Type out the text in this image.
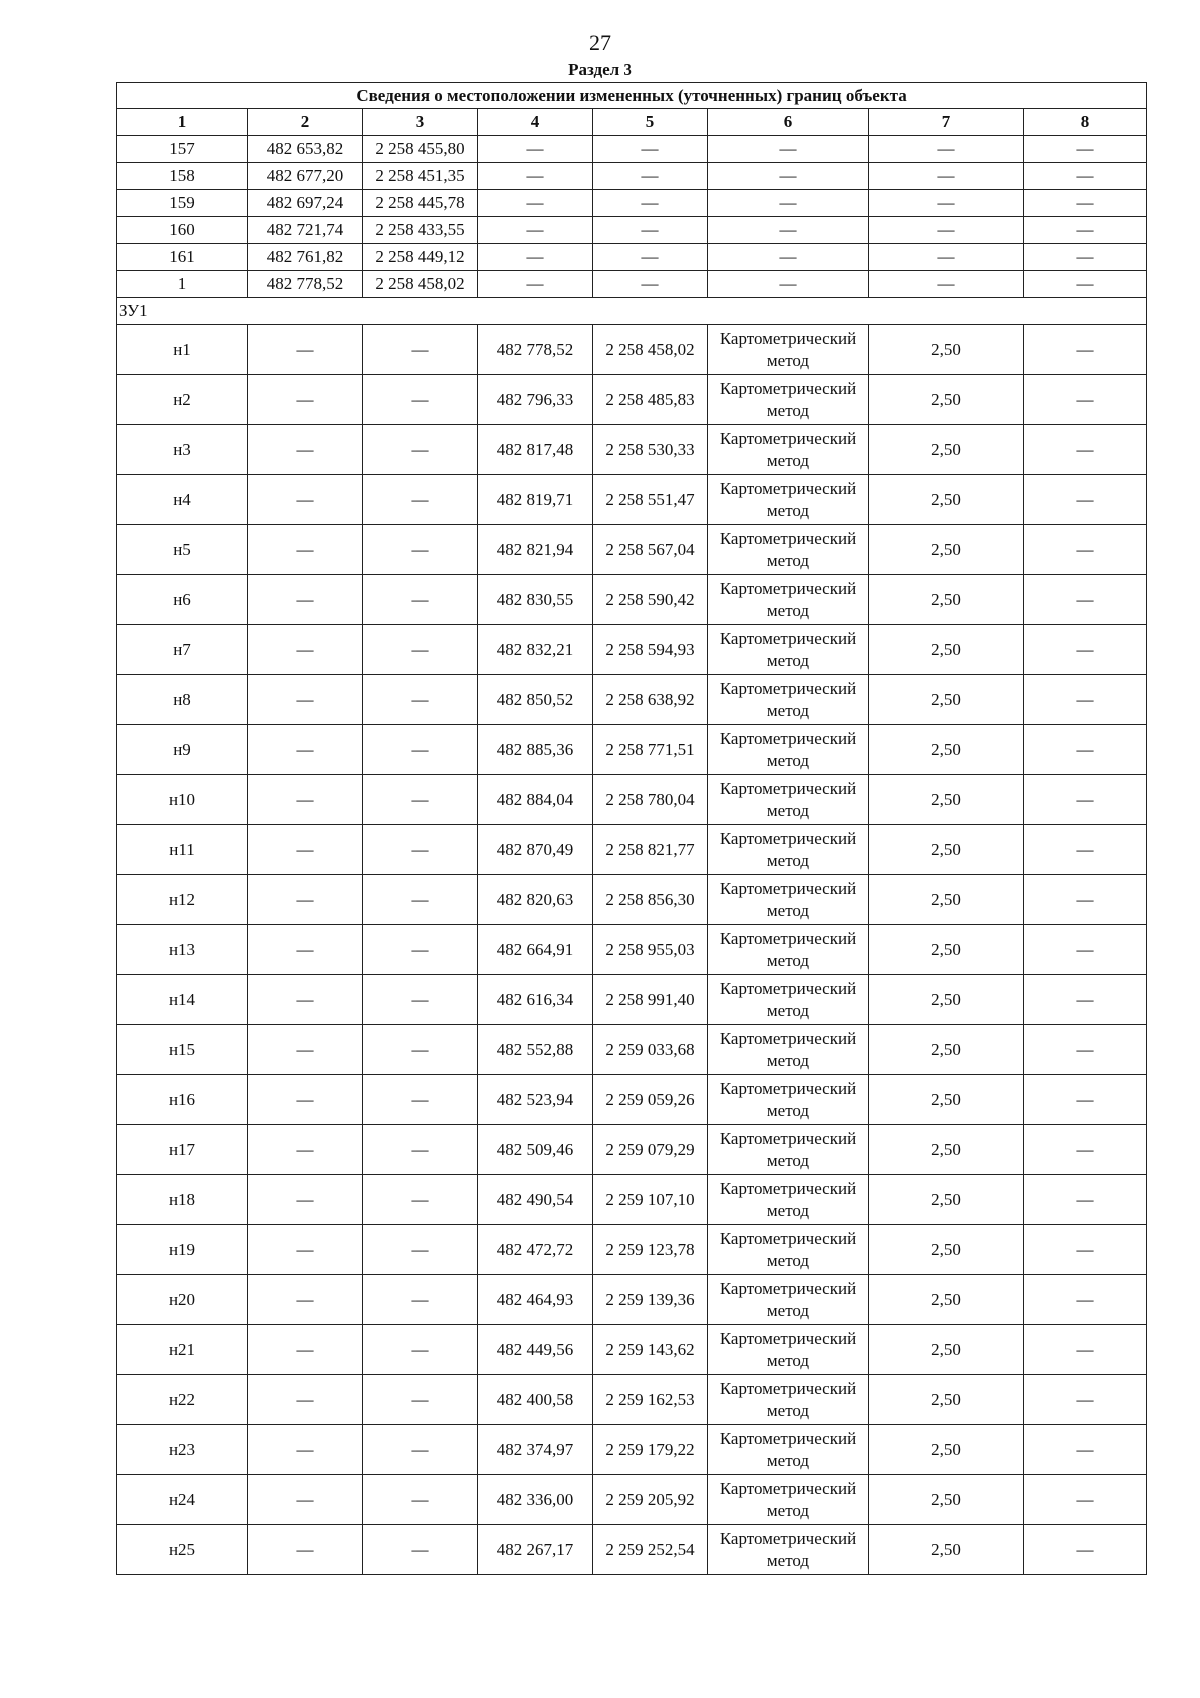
27
Раздел 3
Сведения о местоположении измененных (уточненных) границ объекта							
1	2	3	4	5	6	7	8
157	482 653,82	2 258 455,80	—	—	—	—	—
158	482 677,20	2 258 451,35	—	—	—	—	—
159	482 697,24	2 258 445,78	—	—	—	—	—
160	482 721,74	2 258 433,55	—	—	—	—	—
161	482 761,82	2 258 449,12	—	—	—	—	—
1	482 778,52	2 258 458,02	—	—	—	—	—
ЗУ1							
н1	—	—	482 778,52	2 258 458,02	Картометрический метод	2,50	—
н2	—	—	482 796,33	2 258 485,83	Картометрический метод	2,50	—
н3	—	—	482 817,48	2 258 530,33	Картометрический метод	2,50	—
н4	—	—	482 819,71	2 258 551,47	Картометрический метод	2,50	—
н5	—	—	482 821,94	2 258 567,04	Картометрический метод	2,50	—
н6	—	—	482 830,55	2 258 590,42	Картометрический метод	2,50	—
н7	—	—	482 832,21	2 258 594,93	Картометрический метод	2,50	—
н8	—	—	482 850,52	2 258 638,92	Картометрический метод	2,50	—
н9	—	—	482 885,36	2 258 771,51	Картометрический метод	2,50	—
н10	—	—	482 884,04	2 258 780,04	Картометрический метод	2,50	—
н11	—	—	482 870,49	2 258 821,77	Картометрический метод	2,50	—
н12	—	—	482 820,63	2 258 856,30	Картометрический метод	2,50	—
н13	—	—	482 664,91	2 258 955,03	Картометрический метод	2,50	—
н14	—	—	482 616,34	2 258 991,40	Картометрический метод	2,50	—
н15	—	—	482 552,88	2 259 033,68	Картометрический метод	2,50	—
н16	—	—	482 523,94	2 259 059,26	Картометрический метод	2,50	—
н17	—	—	482 509,46	2 259 079,29	Картометрический метод	2,50	—
н18	—	—	482 490,54	2 259 107,10	Картометрический метод	2,50	—
н19	—	—	482 472,72	2 259 123,78	Картометрический метод	2,50	—
н20	—	—	482 464,93	2 259 139,36	Картометрический метод	2,50	—
н21	—	—	482 449,56	2 259 143,62	Картометрический метод	2,50	—
н22	—	—	482 400,58	2 259 162,53	Картометрический метод	2,50	—
н23	—	—	482 374,97	2 259 179,22	Картометрический метод	2,50	—
н24	—	—	482 336,00	2 259 205,92	Картометрический метод	2,50	—
н25	—	—	482 267,17	2 259 252,54	Картометрический метод	2,50	—
